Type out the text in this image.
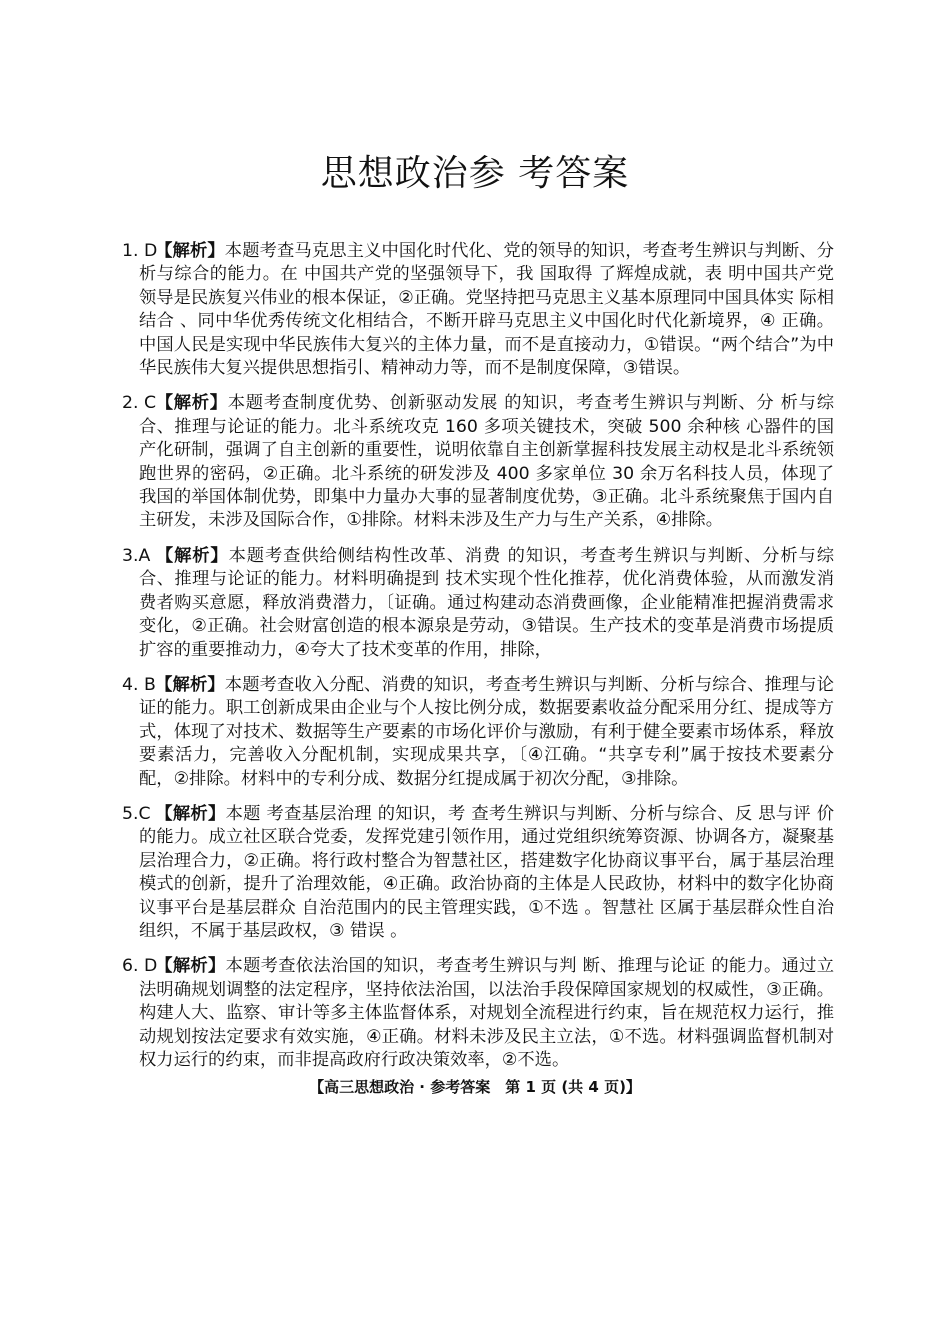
思想政治参 考答案
1. D
【解析】本题考查马克思主义中国化时代化、党的领导的知识，考查考生辨识与判断、分析与综合的能力。在 中国共产党的坚强领导下，我 国取得 了辉煌成就，表 明中国共产党领导是民族复兴伟业的根本保证，②正确。党坚持把马克思主义基本原理同中国具体实 际相结合 、同中华优秀传统文化相结合，不断开辟马克思主义中国化时代化新境界，④ 正确。中国人民是实现中华民族伟大复兴的主体力量，而不是直接动力，①错误。“两个结合”为中华民族伟大复兴提供思想指引、精神动力等，而不是制度保障，③错误。
2. C
【解析】本题考查制度优势、创新驱动发展 的知识，考查考生辨识与判断、分 析与综合、推理与论证的能力。北斗系统攻克 160 多项关键技术，突破 500 余种核 心器件的国产化研制，强调了自主创新的重要性，说明依靠自主创新掌握科技发展主动权是北斗系统领跑世界的密码，②正确。北斗系统的研发涉及 400 多家单位 30 余万名科技人员，体现了我国的举国体制优势，即集中力量办大事的显著制度优势，③正确。北斗系统聚焦于国内自主研发，未涉及国际合作，①排除。材料未涉及生产力与生产关系，④排除。
3.A 【解析】本题考查供给侧结构性改革、消费 的知识，考查考生辨识与判断、分析与综合、推理与论证的能力。材料明确提到 技术实现个性化推荐，优化消费体验，从而激发消费者购买意愿，释放消费潜力，〔证确。通过构建动态消费画像，企业能精准把握消费需求变化，②正确。社会财富创造的根本源泉是劳动，③错误。生产技术的变革是消费市场提质扩容的重要推动力，④夸大了技术变革的作用，排除，
4. B 【解析】本题考查收入分配、消费的知识，考查考生辨识与判断、分析与综合、推理与论证的能力。职工创新成果由企业与个人按比例分成，数据要素收益分配采用分红、提成等方式，体现了对技术、数据等生产要素的市场化评价与激励，有利于健全要素市场体系，释放要素活力，完善收入分配机制，实现成果共享，〔④江确。“共享专利”属于按技术要素分配，②排除。材料中的专利分成、数据分红提成属于初次分配，③排除。
5.C 【解析】本题 考查基层治理 的知识，考 查考生辨识与判断、分析与综合、反 思与评 价的能力。成立社区联合党委，发挥党建引领作用，通过党组织统筹资源、协调各方，凝聚基层治理合力，②正确。将行政村整合为智慧社区，搭建数字化协商议事平台，属于基层治理模式的创新，提升了治理效能，④正确。政治协商的主体是人民政协，材料中的数字化协商议事平台是基层群众 自治范围内的民主管理实践，①不选 。智慧社 区属于基层群众性自治组织，不属于基层政权，③ 错误 。
6. D
【解析】本题考查依法治国的知识，考查考生辨识与判 断、推理与论证 的能力。通过立法明确规划调整的法定程序，坚持依法治国，以法治手段保障国家规划的权威性，③正确。构建人大、监察、审计等多主体监督体系，对规划全流程进行约束，旨在规范权力运行，推动规划按法定要求有效实施，④正确。材料未涉及民主立法，①不选。材料强调监督机制对权力运行的约束，而非提高政府行政决策效率，②不选。
【高三思想政治 · 参考答案　第 1 页 (共 4 页)】
